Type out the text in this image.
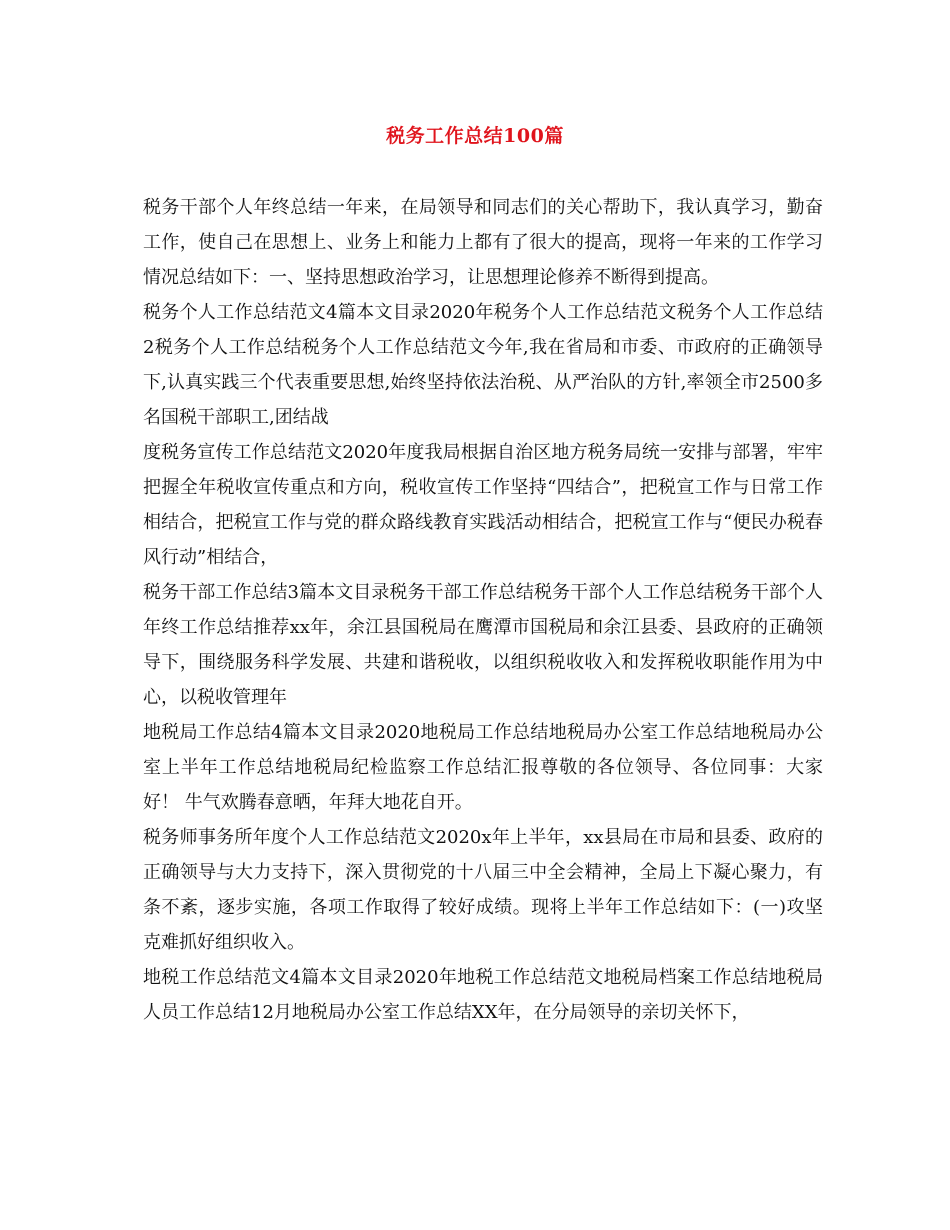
税务工作总结100篇

税务干部个人年终总结一年来，在局领导和同志们的关心帮助下，我认真学习，勤奋工作，使自己在思想上、业务上和能力上都有了很大的提高，现将一年来的工作学习情况总结如下：一、坚持思想政治学习，让思想理论修养不断得到提高。

税务个人工作总结范文4篇本文目录2020年税务个人工作总结范文税务个人工作总结2税务个人工作总结税务个人工作总结范文今年,我在省局和市委、市政府的正确领导下,认真实践三个代表重要思想,始终坚持依法治税、从严治队的方针,率领全市2500多名国税干部职工,团结战

度税务宣传工作总结范文2020年度我局根据自治区地方税务局统一安排与部署，牢牢把握全年税收宣传重点和方向，税收宣传工作坚持“四结合”，把税宣工作与日常工作相结合，把税宣工作与党的群众路线教育实践活动相结合，把税宣工作与“便民办税春风行动”相结合，

税务干部工作总结3篇本文目录税务干部工作总结税务干部个人工作总结税务干部个人年终工作总结推荐xx年，余江县国税局在鹰潭市国税局和余江县委、县政府的正确领导下，围绕服务科学发展、共建和谐税收，以组织税收收入和发挥税收职能作用为中心，以税收管理年

地税局工作总结4篇本文目录2020地税局工作总结地税局办公室工作总结地税局办公室上半年工作总结地税局纪检监察工作总结汇报尊敬的各位领导、各位同事：大家好！ 牛气欢腾春意晒，年拜大地花自开。

税务师事务所年度个人工作总结范文2020x年上半年，xx县局在市局和县委、政府的正确领导与大力支持下，深入贯彻党的十八届三中全会精神，全局上下凝心聚力，有条不紊，逐步实施，各项工作取得了较好成绩。现将上半年工作总结如下：(一)攻坚克难抓好组织收入。

地税工作总结范文4篇本文目录2020年地税工作总结范文地税局档案工作总结地税局人员工作总结12月地税局办公室工作总结XX年，在分局领导的亲切关怀下，
